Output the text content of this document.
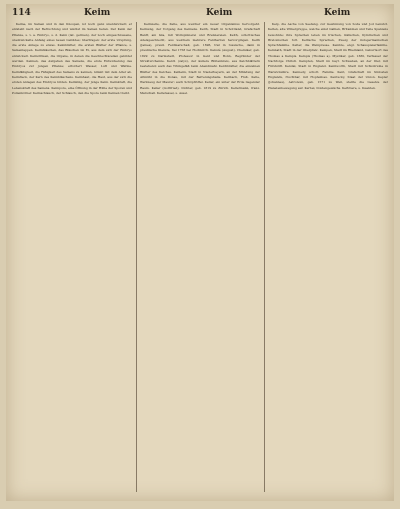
114	Keim	Keim	Keim

Keime, im Samen und in den Knospen, ist noch ganz unentwickelt; er entsteht nach der Befruchtung und wächst im Samen heran. Der Keim der Pflanze, s. v. a. Embryo, s. d. Keim (lat. germen), der noch eingeschlossene, unentwickelte Anfang eines neuen Gebildes; übertragen: der erste Ursprung, die erste Anlage zu etwas. Keimblätter, die ersten Blätter der Pflanze, s. Samenlappen. Keimbläschen, das Bläschen im Ei, aus dem sich der Embryo entwickelt. Keimdrüsen, die Organe, in denen die Geschlechtszellen gebildet werden. Keimen, das Aufgehen des Samens, die erste Entwickelung des Embryos zur jungen Pflanze; erfordert Wasser, Luft und Wärme. Keimfähigkeit, die Fähigkeit des Samens zu keimen, nimmt mit dem Alter ab. Keimfleck, der Kern des Keimbläschens. Keimhaut, die Haut, aus der sich die ersten Anlagen des Embryos bilden. Keimling, der junge Keim. Keimkraft, die Lebenskraft des Samens. Keimpore, eine Öffnung in der Hülle der Sporen und Pollenkörner. Keimschlauch, der Schlauch, den die Spore beim Keimen treibt.

Keimzelle, die Zelle, aus welcher ein neuer Organismus hervorgeht. Keimung, der Vorgang des Keimens. Keith, Stadt in Schottland, Grafschaft Banff, am Isla, mit Wollspinnerei und Brennereien. Keith, schottisches Adelsgeschlecht, aus welchem mehrere Feldherren hervorgingen. Keith (James), preuß. Feldmarschall, geb. 1696, trat in russische, dann in preußische Dienste, fiel 1758 bei Hochkirch. Kekulé (August), Chemiker, geb. 1829 zu Darmstadt, Professor in Gent und Bonn, Begründer der Strukturchemie. Kelch (calyx), der äußere Blütenkreis, aus Kelchblättern bestehend; auch das Trinkgefäß beim Abendmahl. Kelchblätter, die einzelnen Blätter des Kelches. Kelheim, Stadt in Niederbayern, an der Mündung der Altmühl in die Donau, mit der Befreiungshalle. Kellbach, Fluß. Kelle, Werkzeug der Maurer; auch Schöpflöffel. Keller, ein unter der Erde liegender Raum. Keller (Gottfried), Dichter, geb. 1819 zu Zürich. Kellermann, franz. Marschall. Kellerassel, s. Assel.

Kelp, die Asche von Seetang, zur Gewinnung von Soda und Jod benutzt. Kelten, alte Völkergruppe, welche einst Gallien, Britannien und Teile Spaniens bewohnte; ihre Sprachen leben im Irischen, Gälischen, Kymrischen und Bretonischen fort. Keltische Sprachen, Zweig der indogermanischen Sprachfamilie. Kelter, die Weinpresse. Kemble, engl. Schauspielerfamilie. Kemnath, Stadt in der Oberpfalz. Kempen, Stadt im Rheinland, Geburtsort des Thomas a Kempis. Kempis (Thomas a), Mystiker, geb. 1380, Verfasser der Nachfolge Christi. Kempten, Stadt im bayr. Schwaben, an der Iller, mit Fürststift. Kendal, Stadt in England. Kenilworth, Stadt mit Schloßruine in Warwickshire. Kennedy, schott. Familie. Kent, Grafschaft im Südosten Englands, fruchtbar, mit Hopfenbau. Kentucky, Staat der Union. Kepler (Johannes), Astronom, geb. 1571 zu Weil, stellte die Gesetze der Planetenbewegung auf. Kerbel, Doldengewächs. Kerbtiere, s. Insekten.
